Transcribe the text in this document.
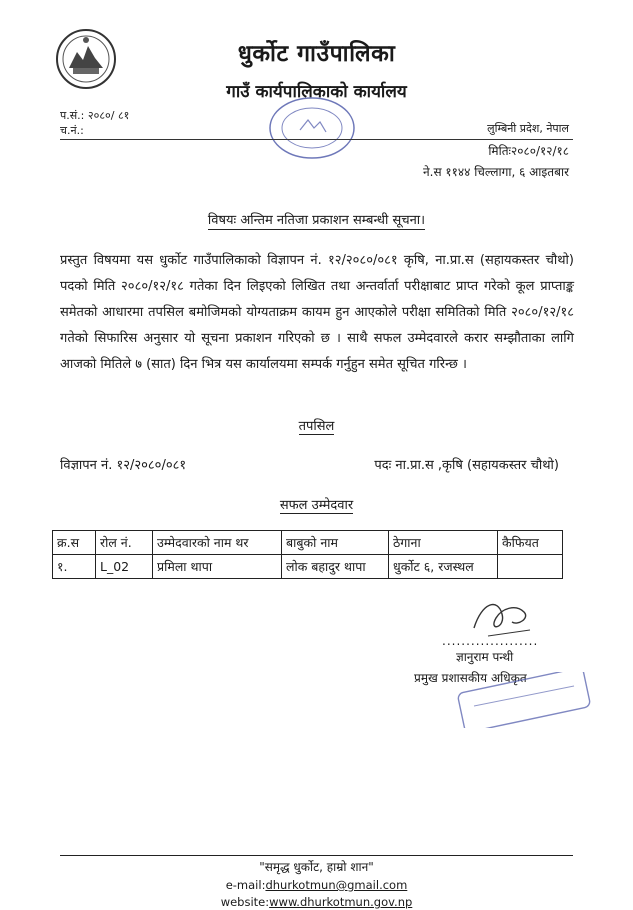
धुर्कोट गाउँपालिका
गाउँ कार्यपालिकाको कार्यालय
प.सं.: २०८०/ ८१
च.नं.:	लुम्बिनी प्रदेश, नेपाल
मितिः२०८०/१२/१८
ने.स ११४४ चिल्लागा, ६ आइतबार
विषयः अन्तिम नतिजा प्रकाशन सम्बन्धी सूचना।
प्रस्तुत विषयमा यस धुर्कोट गाउँपालिकाको विज्ञापन नं. १२/२०८०/०८१ कृषि, ना.प्रा.स (सहायकस्तर चौथो) पदको मिति २०८०/१२/१८ गतेका दिन लिइएको लिखित तथा अन्तर्वार्ता परीक्षाबाट प्राप्त गरेको कूल प्राप्ताङ्क समेतको आधारमा तपसिल बमोजिमको योग्यताक्रम कायम हुन आएकोले परीक्षा समितिको मिति २०८०/१२/१८ गतेको सिफारिस अनुसार यो सूचना प्रकाशन गरिएको छ । साथै सफल उम्मेदवारले करार सम्झौताका लागि आजको मितिले ७ (सात) दिन भित्र यस कार्यालयमा सम्पर्क गर्नुहुन समेत सूचित गरिन्छ ।
तपसिल
विज्ञापन नं. १२/२०८०/०८१	पदः ना.प्रा.स ,कृषि (सहायकस्तर चौथो)
सफल उम्मेदवार
क्र.स	रोल नं.	उम्मेदवारको नाम थर	बाबुको नाम	ठेगाना	कैफियत
१.	L_02	प्रमिला थापा	लोक बहादुर थापा	धुर्कोट ६, रजस्थल	
....................
ज्ञानुराम पन्थी
प्रमुख प्रशासकीय अधिकृत
"समृद्ध धुर्कोट, हाम्रो शान"
e-mail:dhurkotmun@gmail.com
website:www.dhurkotmun.gov.np
